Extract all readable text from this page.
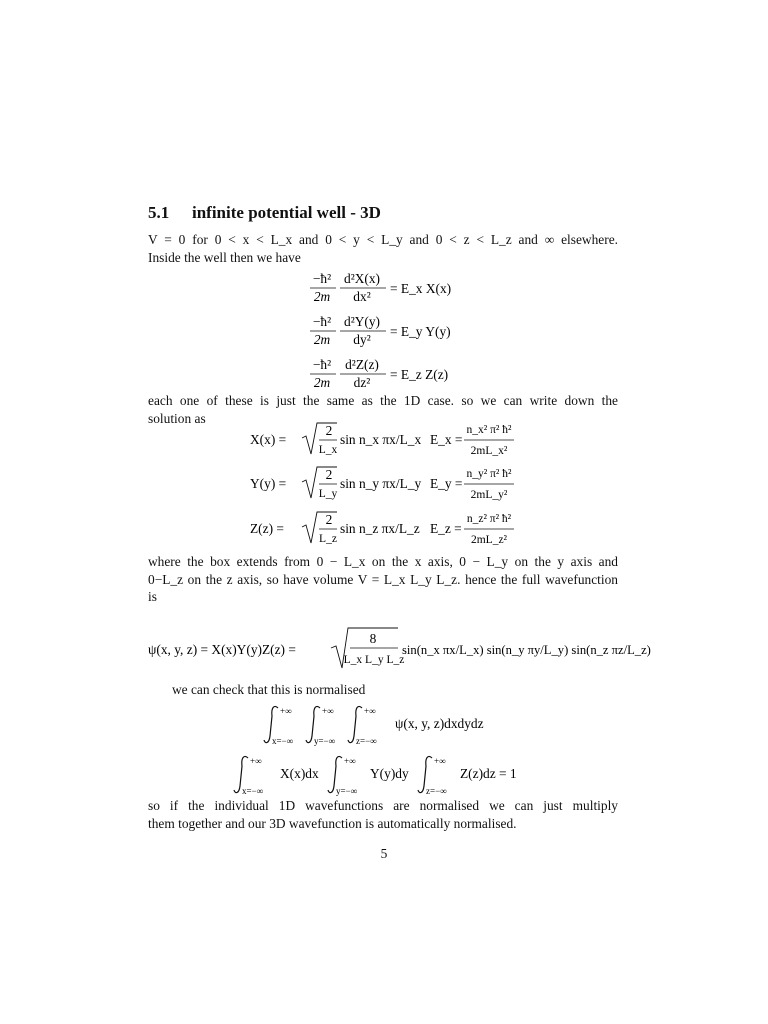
5.1 infinite potential well - 3D
V = 0 for 0 < x < L_x and 0 < y < L_y and 0 < z < L_z and ∞ elsewhere.
Inside the well then we have
−ħ²
2m
d²X(x)
dx²
= E_x X(x)
−ħ²
2m
d²Y(y)
dy²
= E_y Y(y)
−ħ²
2m
d²Z(z)
dz²
= E_z Z(z)
each one of these is just the same as the 1D case. so we can write down the
solution as
X(x) =
2
L_x
sin n_x πx/L_x E_x =
n_x² π² ħ²
2mL_x²
Y(y) =
2
L_y
sin n_y πx/L_y E_y =
n_y² π² ħ²
2mL_y²
Z(z) =
2
L_z
sin n_z πx/L_z E_z =
n_z² π² ħ²
2mL_z²
where the box extends from 0 − L_x on the x axis, 0 − L_y on the y axis and
0−L_z on the z axis, so have volume V = L_x L_y L_z. hence the full wavefunction
is
ψ(x, y, z) = X(x)Y(y)Z(z) =
8
L_x L_y L_z
sin(n_x πx/L_x) sin(n_y πy/L_y) sin(n_z πz/L_z)
we can check that this is normalised
+∞
x=−∞
+∞
y=−∞
+∞
z=−∞
ψ(x, y, z)dxdydz
+∞
x=−∞
X(x)dx
+∞
y=−∞
Y(y)dy
+∞
z=−∞
Z(z)dz = 1
so if the individual 1D wavefunctions are normalised we can just multiply
them together and our 3D wavefunction is automatically normalised.
5
